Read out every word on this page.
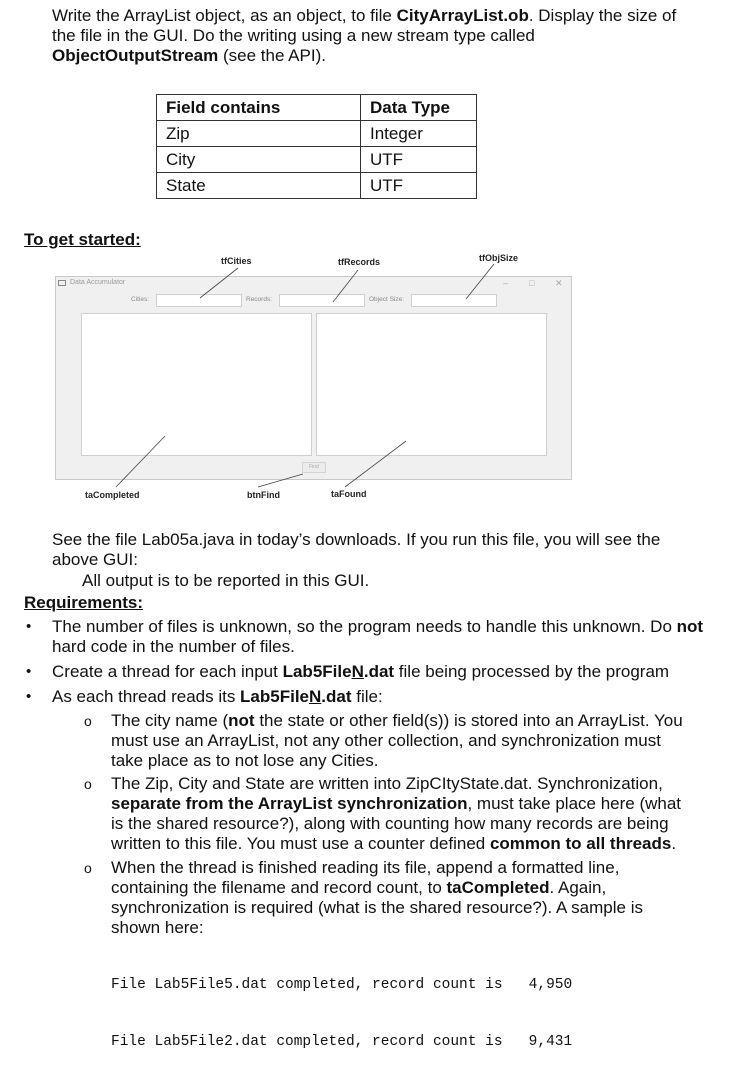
Write the ArrayList object, as an object, to file CityArrayList.ob. Display the size of
the file in the GUI. Do the writing using a new stream type called
ObjectOutputStream (see the API).
Field contains	Data Type
Zip	Integer
City	UTF
State	UTF
To get started:
tfCities	tfRecords	tfObjSize
Data Accumulator	– □ ✕
Cities:	Records:	Object Size:
Find
taCompleted	btnFind	taFound
See the file Lab05a.java in today’s downloads. If you run this file, you will see the
above GUI:
All output is to be reported in this GUI.
Requirements:
• The number of files is unknown, so the program needs to handle this unknown. Do not
hard code in the number of files.
• Create a thread for each input Lab5FileN.dat file being processed by the program
• As each thread reads its Lab5FileN.dat file:
o The city name (not the state or other field(s)) is stored into an ArrayList. You
must use an ArrayList, not any other collection, and synchronization must
take place as to not lose any Cities.
o The Zip, City and State are written into ZipCItyState.dat. Synchronization,
separate from the ArrayList synchronization, must take place here (what
is the shared resource?), along with counting how many records are being
written to this file. You must use a counter defined common to all threads.
o When the thread is finished reading its file, append a formatted line,
containing the filename and record count, to taCompleted. Again,
synchronization is required (what is the shared resource?). A sample is
shown here:

File Lab5File5.dat completed, record count is   4,950

File Lab5File2.dat completed, record count is   9,431
